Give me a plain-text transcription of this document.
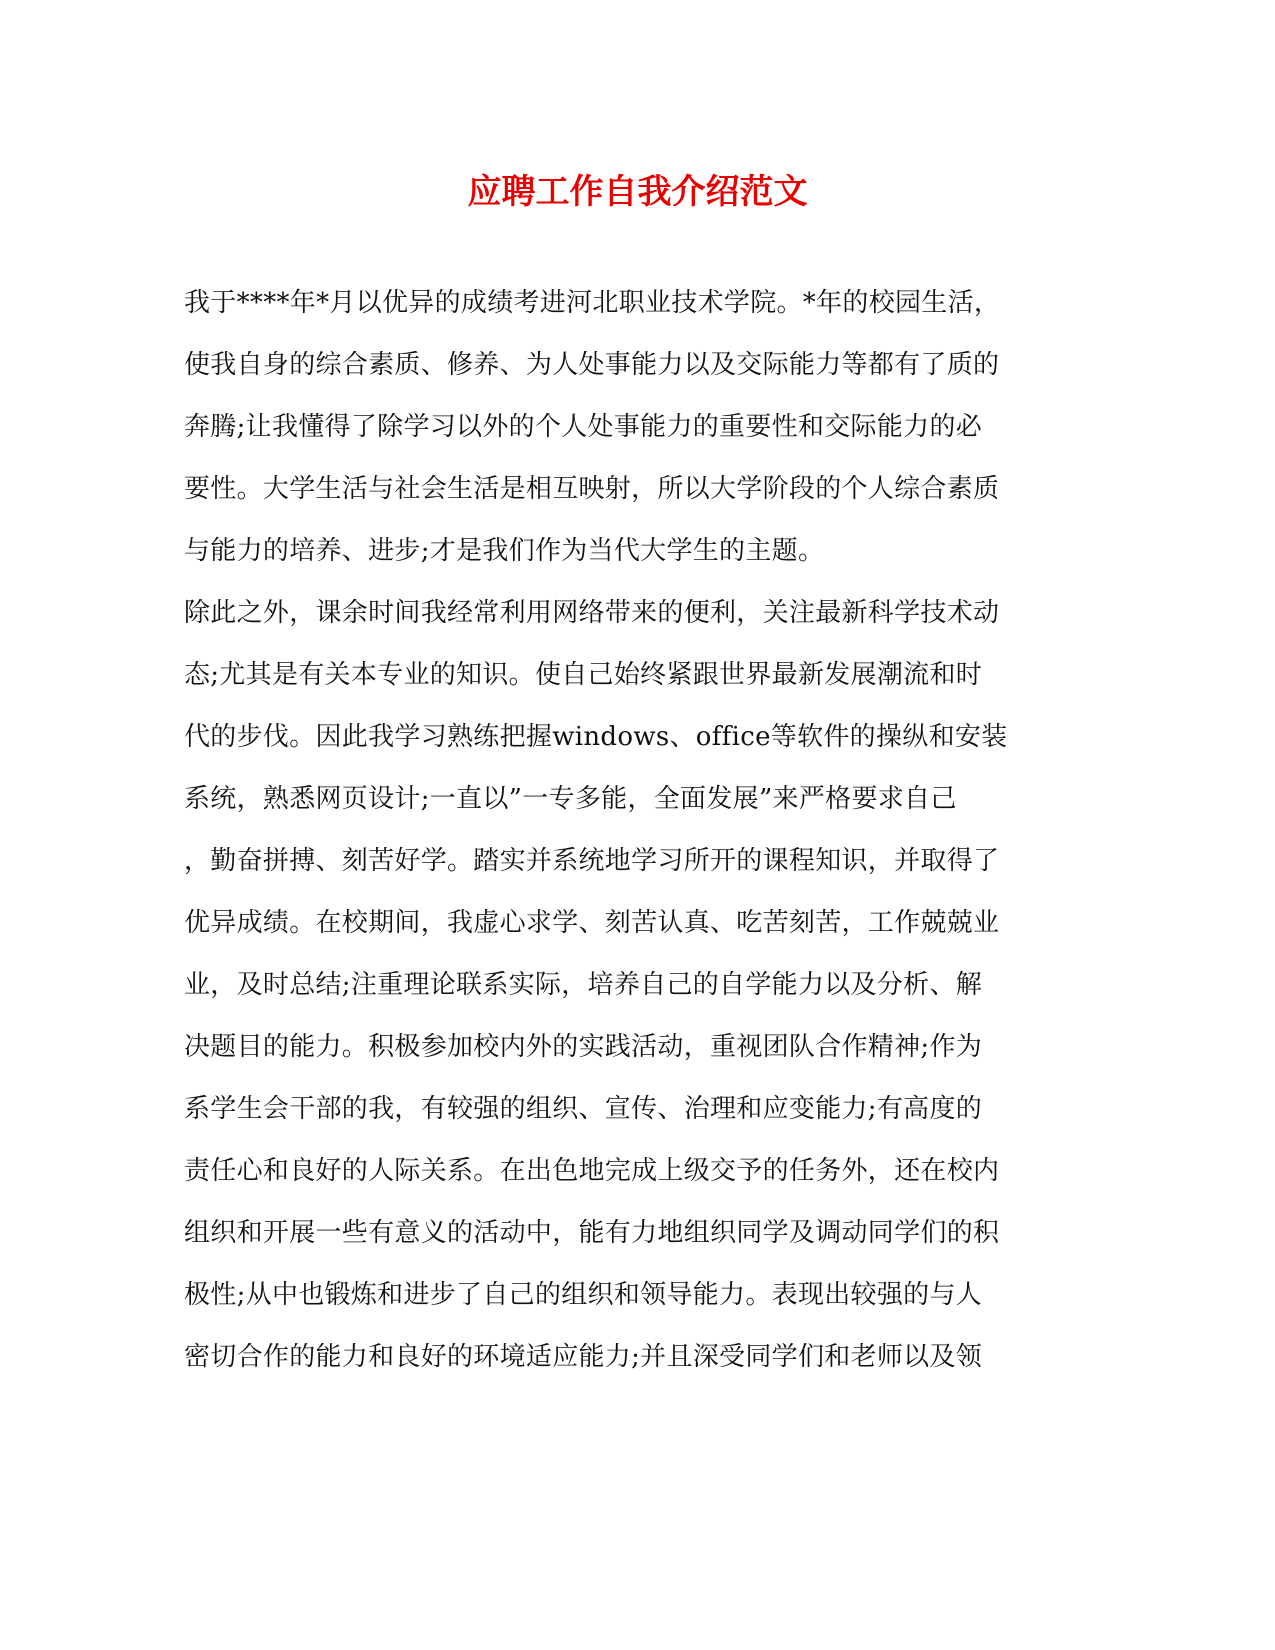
应聘工作自我介绍范文
我于****年*月以优异的成绩考进河北职业技术学院。*年的校园生活，
使我自身的综合素质、修养、为人处事能力以及交际能力等都有了质的
奔腾;让我懂得了除学习以外的个人处事能力的重要性和交际能力的必
要性。大学生活与社会生活是相互映射，所以大学阶段的个人综合素质
与能力的培养、进步;才是我们作为当代大学生的主题。
除此之外，课余时间我经常利用网络带来的便利，关注最新科学技术动
态;尤其是有关本专业的知识。使自己始终紧跟世界最新发展潮流和时
代的步伐。因此我学习熟练把握windows、office等软件的操纵和安装
系统，熟悉网页设计;一直以”一专多能，全面发展”来严格要求自己
，勤奋拼搏、刻苦好学。踏实并系统地学习所开的课程知识，并取得了
优异成绩。在校期间，我虚心求学、刻苦认真、吃苦刻苦，工作兢兢业
业，及时总结;注重理论联系实际，培养自己的自学能力以及分析、解
决题目的能力。积极参加校内外的实践活动，重视团队合作精神;作为
系学生会干部的我，有较强的组织、宣传、治理和应变能力;有高度的
责任心和良好的人际关系。在出色地完成上级交予的任务外，还在校内
组织和开展一些有意义的活动中，能有力地组织同学及调动同学们的积
极性;从中也锻炼和进步了自己的组织和领导能力。表现出较强的与人
密切合作的能力和良好的环境适应能力;并且深受同学们和老师以及领
